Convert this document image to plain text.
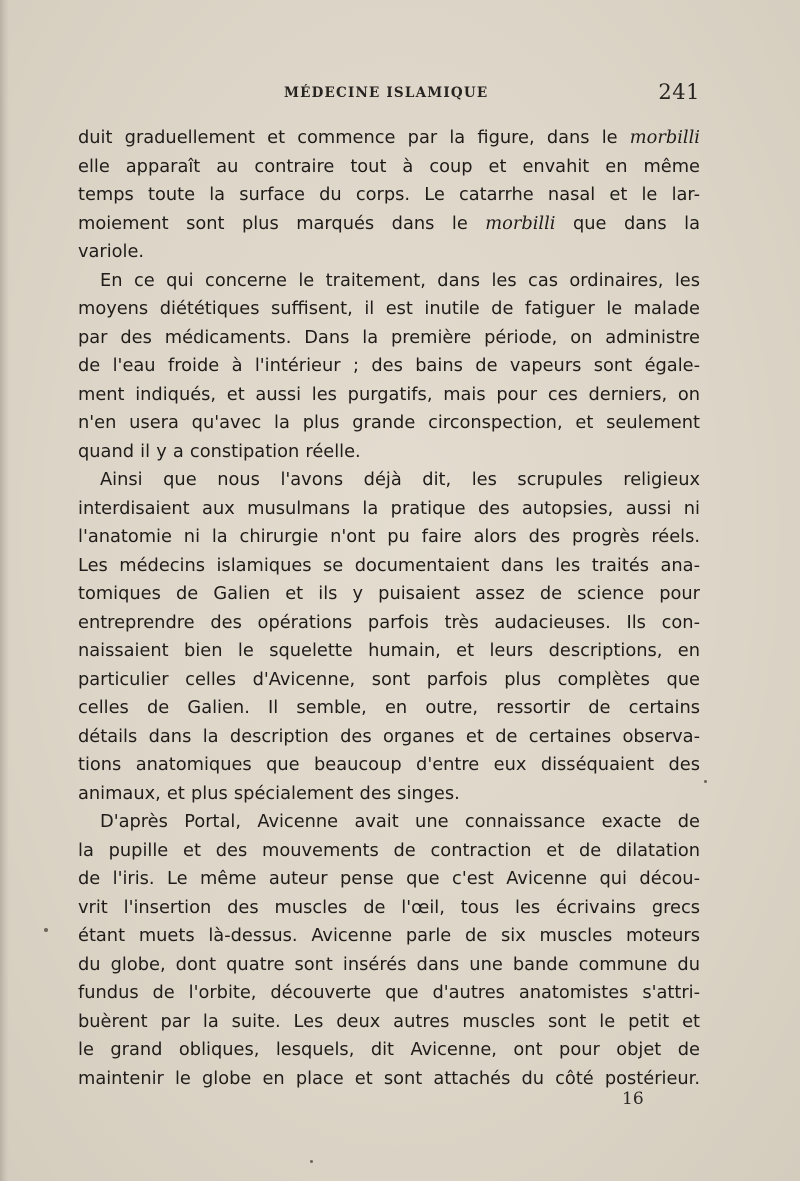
MÉDECINE ISLAMIQUE	241

duit graduellement et commence par la figure, dans le morbilli
elle apparaît au contraire tout à coup et envahit en même
temps toute la surface du corps. Le catarrhe nasal et le lar-
moiement sont plus marqués dans le morbilli que dans la
variole.

En ce qui concerne le traitement, dans les cas ordinaires, les
moyens diététiques suffisent, il est inutile de fatiguer le malade
par des médicaments. Dans la première période, on administre
de l'eau froide à l'intérieur ; des bains de vapeurs sont égale-
ment indiqués, et aussi les purgatifs, mais pour ces derniers, on
n'en usera qu'avec la plus grande circonspection, et seulement
quand il y a constipation réelle.

Ainsi que nous l'avons déjà dit, les scrupules religieux
interdisaient aux musulmans la pratique des autopsies, aussi ni
l'anatomie ni la chirurgie n'ont pu faire alors des progrès réels.
Les médecins islamiques se documentaient dans les traités ana-
tomiques de Galien et ils y puisaient assez de science pour
entreprendre des opérations parfois très audacieuses. Ils con-
naissaient bien le squelette humain, et leurs descriptions, en
particulier celles d'Avicenne, sont parfois plus complètes que
celles de Galien. Il semble, en outre, ressortir de certains
détails dans la description des organes et de certaines observa-
tions anatomiques que beaucoup d'entre eux disséquaient des
animaux, et plus spécialement des singes.

D'après Portal, Avicenne avait une connaissance exacte de
la pupille et des mouvements de contraction et de dilatation
de l'iris. Le même auteur pense que c'est Avicenne qui décou-
vrit l'insertion des muscles de l'œil, tous les écrivains grecs
étant muets là-dessus. Avicenne parle de six muscles moteurs
du globe, dont quatre sont insérés dans une bande commune du
fundus de l'orbite, découverte que d'autres anatomistes s'attri-
buèrent par la suite. Les deux autres muscles sont le petit et
le grand obliques, lesquels, dit Avicenne, ont pour objet de
maintenir le globe en place et sont attachés du côté postérieur.

16
